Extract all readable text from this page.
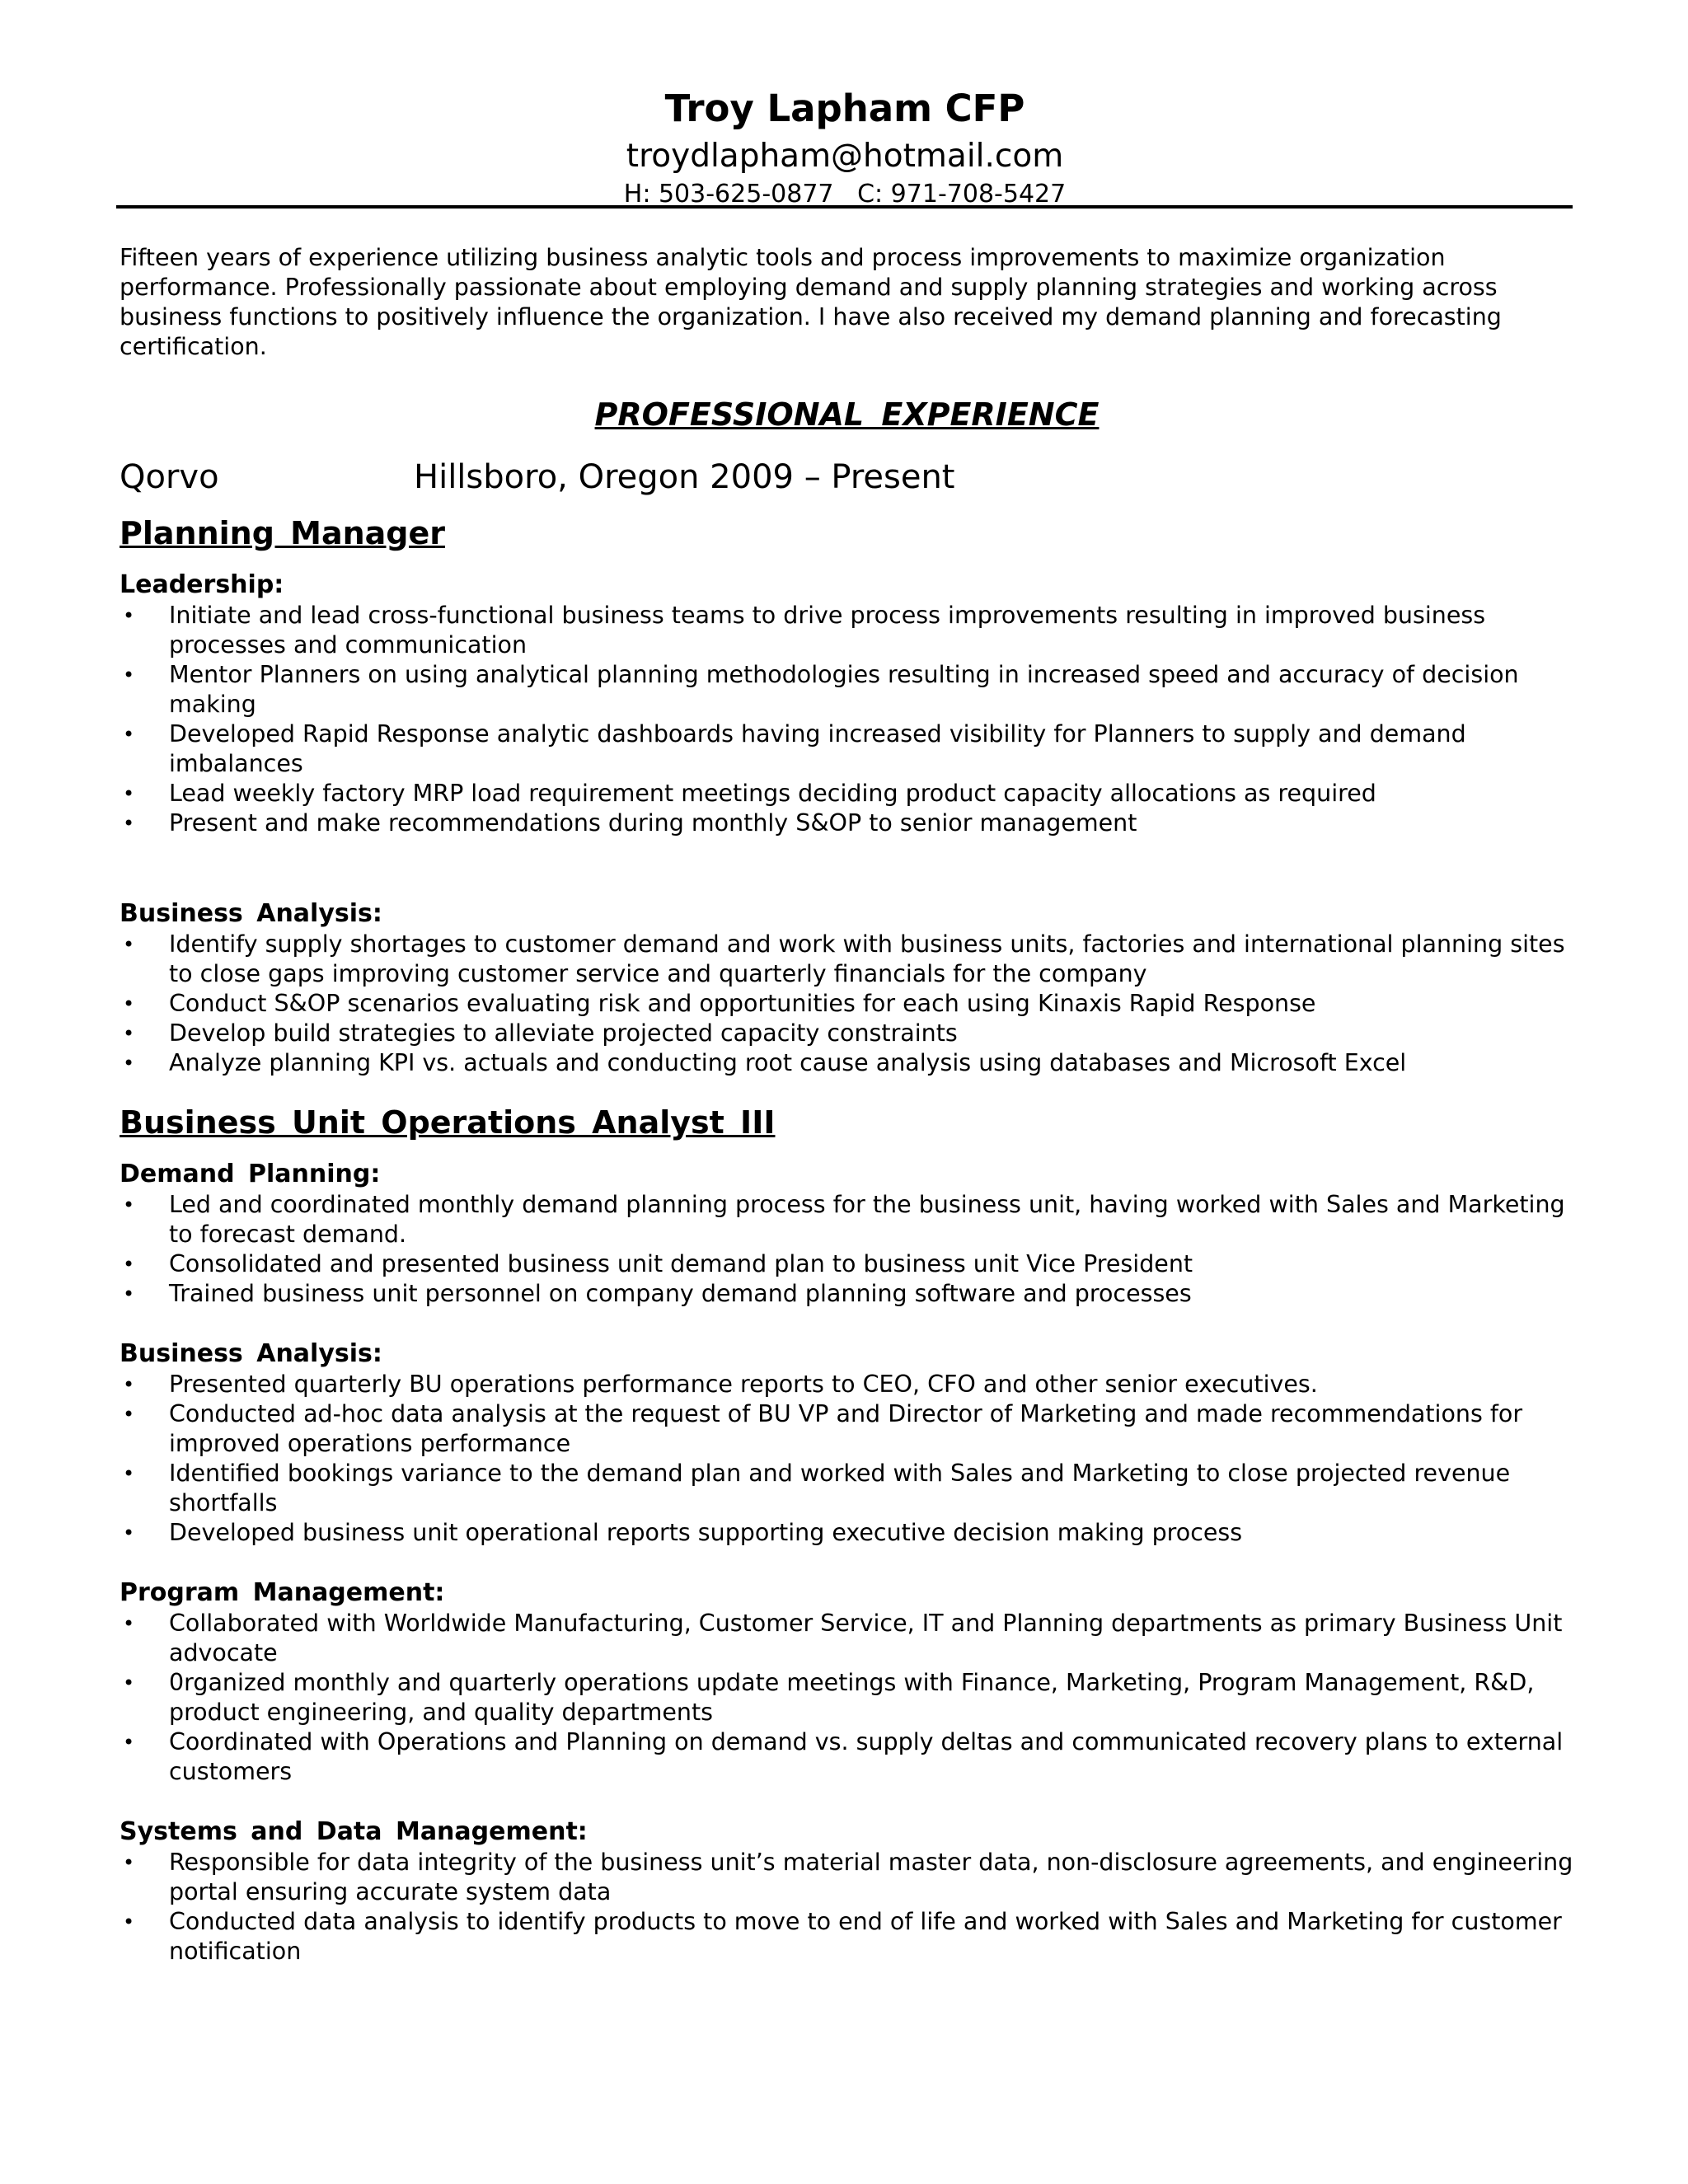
Troy Lapham CFP
troydlapham@hotmail.com
H: 503-625-0877   C: 971-708-5427

Fifteen years of experience utilizing business analytic tools and process improvements to maximize organization performance. Professionally passionate about employing demand and supply planning strategies and working across business functions to positively influence the organization. I have also received my demand planning and forecasting certification.

PROFESSIONAL EXPERIENCE
Qorvo	Hillsboro, Oregon 2009 – Present
Planning Manager
Leadership:
• Initiate and lead cross-functional business teams to drive process improvements resulting in improved business processes and communication
• Mentor Planners on using analytical planning methodologies resulting in increased speed and accuracy of decision making
• Developed Rapid Response analytic dashboards having increased visibility for Planners to supply and demand imbalances
• Lead weekly factory MRP load requirement meetings deciding product capacity allocations as required
• Present and make recommendations during monthly S&OP to senior management
Business Analysis:
• Identify supply shortages to customer demand and work with business units, factories and international planning sites to close gaps improving customer service and quarterly financials for the company
• Conduct S&OP scenarios evaluating risk and opportunities for each using Kinaxis Rapid Response
• Develop build strategies to alleviate projected capacity constraints
• Analyze planning KPI vs. actuals and conducting root cause analysis using databases and Microsoft Excel
Business Unit Operations Analyst III
Demand Planning:
• Led and coordinated monthly demand planning process for the business unit, having worked with Sales and Marketing to forecast demand.
• Consolidated and presented business unit demand plan to business unit Vice President
• Trained business unit personnel on company demand planning software and processes
Business Analysis:
• Presented quarterly BU operations performance reports to CEO, CFO and other senior executives.
• Conducted ad-hoc data analysis at the request of BU VP and Director of Marketing and made recommendations for improved operations performance
• Identified bookings variance to the demand plan and worked with Sales and Marketing to close projected revenue shortfalls
• Developed business unit operational reports supporting executive decision making process
Program Management:
• Collaborated with Worldwide Manufacturing, Customer Service, IT and Planning departments as primary Business Unit advocate
• 0rganized monthly and quarterly operations update meetings with Finance, Marketing, Program Management, R&D, product engineering, and quality departments
• Coordinated with Operations and Planning on demand vs. supply deltas and communicated recovery plans to external customers
Systems and Data Management:
• Responsible for data integrity of the business unit’s material master data, non-disclosure agreements, and engineering portal ensuring accurate system data
• Conducted data analysis to identify products to move to end of life and worked with Sales and Marketing for customer notification
